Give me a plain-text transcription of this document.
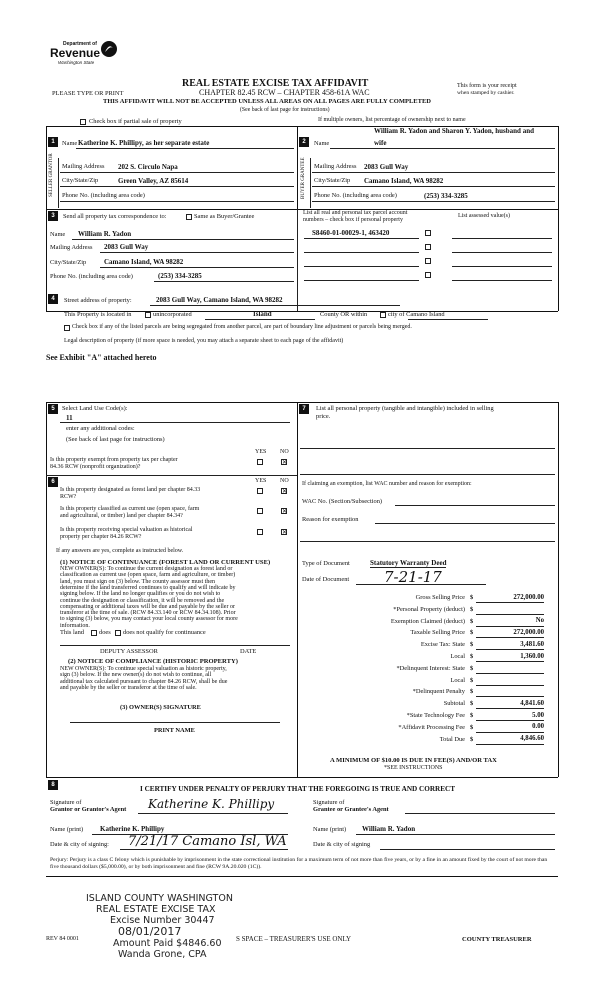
Department of
Revenue
Washington State
REAL ESTATE EXCISE TAX AFFIDAVIT
PLEASE TYPE OR PRINT	CHAPTER 82.45 RCW – CHAPTER 458-61A WAC
This form is your receipt
when stamped by cashier.
THIS AFFIDAVIT WILL NOT BE ACCEPTED UNLESS ALL AREAS ON ALL PAGES ARE FULLY COMPLETED
(See back of last page for instructions)
Check box if partial sale of property	If multiple owners, list percentage of ownership next to name
1
SELLER GRANTOR
Name Katherine K. Phillipy, as her separate estate
Mailing Address 202 S. Circulo Napa
City/State/Zip	Green Valley, AZ 85614
Phone No. (including area code)
2
BUYER GRANTEE
William R. Yadon and Sharon Y. Yadon, husband and
Name	wife
Mailing Address 2083 Gull Way
City/State/Zip Camano Island, WA 98282
Phone No. (including area code)	(253) 334-3285
3	Send all property tax correspondence to:	Same as Buyer/Grantee
Name William R. Yadon
Mailing Address 2083 Gull Way
City/State/Zip	Camano Island, WA 98282
Phone No. (including area code)	(253) 334-3285
List all real and personal tax parcel account
numbers – check box if personal property
List assessed value(s)
S8460-01-00029-1, 463420
4	Street address of property:	2083 Gull Way, Camano Island, WA 98282
This Property is located in	unincorporated	Island	County OR within	city of Camano Island
Check box if any of the listed parcels are being segregated from another parcel, are part of boundary line adjustment or parcels being merged.
Legal description of property (if more space is needed, you may attach a separate sheet to each page of the affidavit)
See Exhibit "A" attached hereto
5	Select Land Use Code(s):
11
enter any additional codes:
(See back of last page for instructions)
YES NO
Is this property exempt from property tax per chapter
84.36 RCW (nonprofit organization)?
✕
6	YES NO
Is this property designated as forest land per chapter 84.33
RCW?
✕
Is this property classified as current use (open space, farm
and agricultural, or timber) land per chapter 84.34?
✕
Is this property receiving special valuation as historical
property per chapter 84.26 RCW?
✕
If any answers are yes, complete as instructed below.
(1) NOTICE OF CONTINUANCE (FOREST LAND OR CURRENT USE)
NEW OWNER(S): To continue the current designation as forest land or
classification as current use (open space, farm and agriculture, or timber)
land, you must sign on (3) below. The county assessor must then
determine if the land transferred continues to qualify and will indicate by
signing below. If the land no longer qualifies or you do not wish to
continue the designation or classification, it will be removed and the
compensating or additional taxes will be due and payable by the seller or
transferor at the time of sale. (RCW 84.33.140 or RCW 84.34.108). Prior
to signing (3) below, you may contact your local county assessor for more
information.
This land does does not qualify for continuance
DEPUTY ASSESSOR	DATE
(2) NOTICE OF COMPLIANCE (HISTORIC PROPERTY)
NEW OWNER(S): To continue special valuation as historic property,
sign (3) below. If the new owner(s) do not wish to continue, all
additional tax calculated pursuant to chapter 84.26 RCW, shall be due
and payable by the seller or transferor at the time of sale.
(3) OWNER(S) SIGNATURE
PRINT NAME
7	List all personal property (tangible and intangible) included in selling
price.
If claiming an exemption, list WAC number and reason for exemption:
WAC No. (Section/Subsection)
Reason for exemption
Type of Document	Statutory Warranty Deed
Date of Document 7-21-17
Gross Selling Price $	272,000.00
*Personal Property (deduct) $
Exemption Claimed (deduct) $	No
Taxable Selling Price $	272,000.00
Excise Tax: State $	3,481.60
Local $	1,360.00
*Delinquent Interest: State $
Local $
*Delinquent Penalty $
Subtotal $	4,841.60
*State Technology Fee $	5.00
*Affidavit Processing Fee $	0.00
Total Due $	4,846.60
A MINIMUM OF $10.00 IS DUE IN FEE(S) AND/OR TAX
*SEE INSTRUCTIONS
8	I CERTIFY UNDER PENALTY OF PERJURY THAT THE FOREGOING IS TRUE AND CORRECT
Signature of
Grantor or Grantor's Agent Katherine K. Phillipy	Signature of
Grantee or Grantee's Agent
Name (print) Katherine K. Phillipy	Name (print) William R. Yadon
Date & city of signing: 7/21/17 Camano Isl, WA	Date & city of signing
Perjury: Perjury is a class C felony which is punishable by imprisonment in the state correctional institution for a maximum term of not more than five years, or by a fine in an amount fixed by the court of not more than five thousand dollars ($5,000.00), or by both imprisonment and fine (RCW 9A.20.020 (1C)).
ISLAND COUNTY WASHINGTON
REAL ESTATE EXCISE TAX
Excise Number 30447
08/01/2017
Amount Paid $4846.60
Wanda Grone, CPA
REV 84 0001	S SPACE – TREASURER'S USE ONLY	COUNTY TREASURER
